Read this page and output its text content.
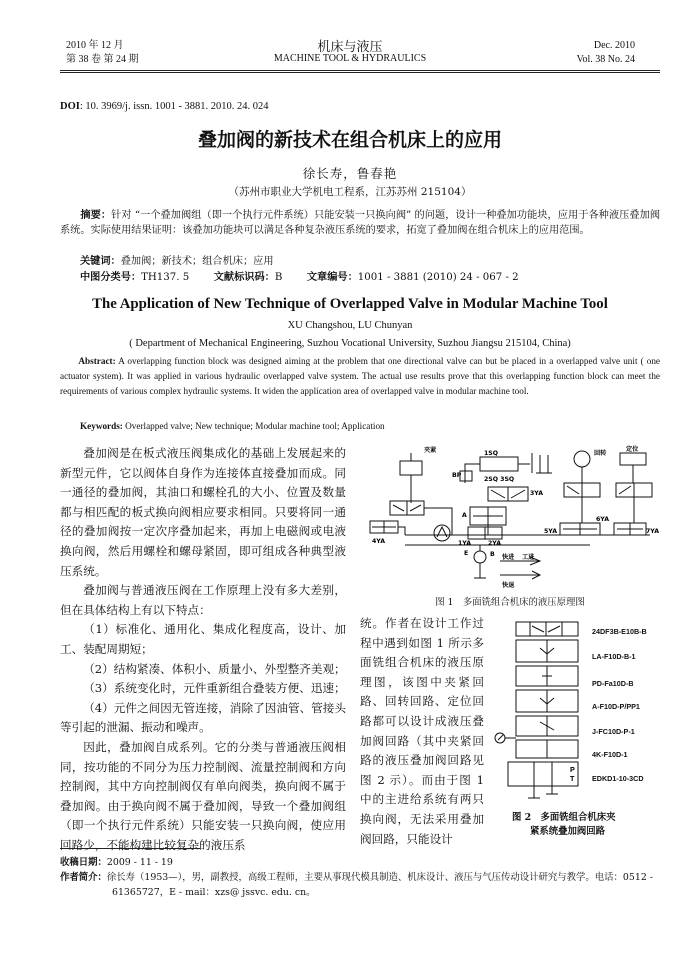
2010 年 12 月
第 38 卷 第 24 期
机床与液压
MACHINE TOOL & HYDRAULICS
Dec. 2010
Vol. 38 No. 24
DOI: 10. 3969/j. issn. 1001 - 3881. 2010. 24. 024
叠加阀的新技术在组合机床上的应用
徐长寿，鲁春艳
（苏州市职业大学机电工程系，江苏苏州 215104）
摘要：针对 “一个叠加阀组（即一个执行元件系统）只能安装一只换向阀” 的问题，设计一种叠加功能块，应用于各种液压叠加阀系统。实际使用结果证明：该叠加功能块可以满足各种复杂液压系统的要求，拓宽了叠加阀在组合机床上的应用范围。
关键词：叠加阀；新技术；组合机床；应用
中图分类号：TH137. 5 文献标识码：B 文章编号：1001 - 3881 (2010) 24 - 067 - 2
The Application of New Technique of Overlapped Valve in Modular Machine Tool
XU Changshou, LU Chunyan
( Department of Mechanical Engineering, Suzhou Vocational University, Suzhou Jiangsu 215104, China)
Abstract: A overlapping function block was designed aiming at the problem that one directional valve can but be placed in a overlapped valve unit ( one actuator system). It was applied in various hydraulic overlapped valve system. The actual use results prove that this overlapping function block can meet the requirements of various complex hydraulic systems. It widen the application area of overlapped valve in modular machine tool.
Keywords: Overlapped valve; New technique; Modular machine tool; Application

叠加阀是在板式液压阀集成化的基础上发展起来的新型元件，它以阀体自身作为连接体直接叠加而成。同一通径的叠加阀，其油口和螺栓孔的大小、位置及数量都与相匹配的板式换向阀相应要求相同。只要将同一通径的叠加阀按一定次序叠加起来，再加上电磁阀或电液换向阀，然后用螺栓和螺母紧固，即可组成各种典型液压系统。

叠加阀与普通液压阀在工作原理上没有多大差别，但在具体结构上有以下特点：

（1）标准化、通用化、集成化程度高，设计、加工、装配周期短；

（2）结构紧凑、体积小、质量小、外型整齐美观；

（3）系统变化时，元件重新组合叠装方便、迅速；

（4）元件之间因无管连接，消除了因油管、管接头等引起的泄漏、振动和噪声。

因此，叠加阀自成系列。它的分类与普通液压阀相同，按功能的不同分为压力控制阀、流量控制阀和方向控制阀，其中方向控制阀仅有单向阀类，换向阀不属于叠加阀。由于换向阀不属于叠加阀，导致一个叠加阀组（即一个执行元件系统）只能安装一只换向阀，使应用回路少，不能构建比较复杂的液压系

夹紧
BP
1SQ
2SQ 3SQ
3YA
A
B
E
快进 工进
快退
4YA	1YA	2YA
5YA
6YA
7YA
回转
定位
图 1　多面铣组合机床的液压原理图
统。作者在设计工作过程中遇到如图 1 所示多面铣组合机床的液压原理图，该图中夹紧回路、回转回路、定位回路都可以设计成液压叠加阀回路（其中夹紧回路的液压叠加阀回路见图 2 示）。而由于图 1 中的主进给系统有两只换向阀，无法采用叠加阀回路，只能设计
P
T
24DF3B-E10B-B
LA-F10D-B-1
PD-Fa10D-B
A-F10D-P/PP1
J-FC10D-P-1
4K-F10D-1
EDKD1-10-3CD
图 2　多面铣组合机床夹
紧系统叠加阀回路
收稿日期：2009 - 11 - 19
作者简介：徐长寿（1953—），男，副教授，高级工程师，主要从事现代模具制造、机床设计、液压与气压传动设计研究与教学。电话：0512 - 61365727，E - mail：xzs@ jssvc. edu. cn。
